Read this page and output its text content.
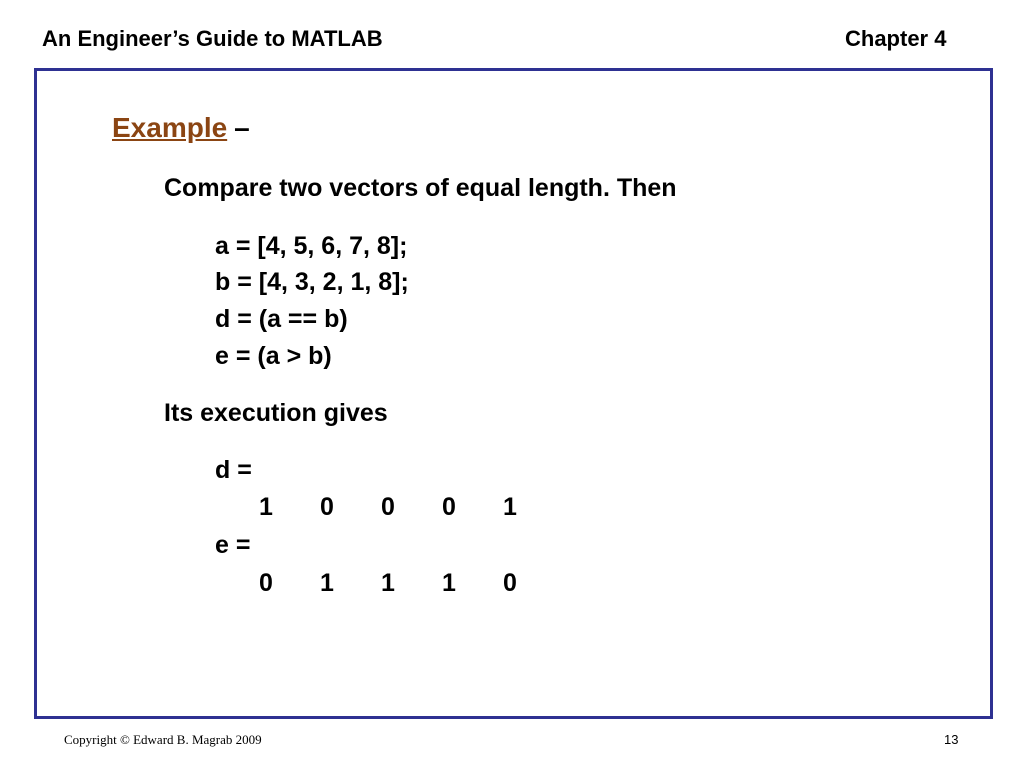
An Engineer’s Guide to MATLAB	Chapter 4
Example –
Compare two vectors of equal length. Then
a = [4, 5, 6, 7, 8];
b = [4, 3, 2, 1, 8];
d = (a == b)
e = (a > b)
Its execution gives
d =
1 0 0 0 1
e =
0 1 1 1 0
Copyright © Edward B. Magrab 2009	13
